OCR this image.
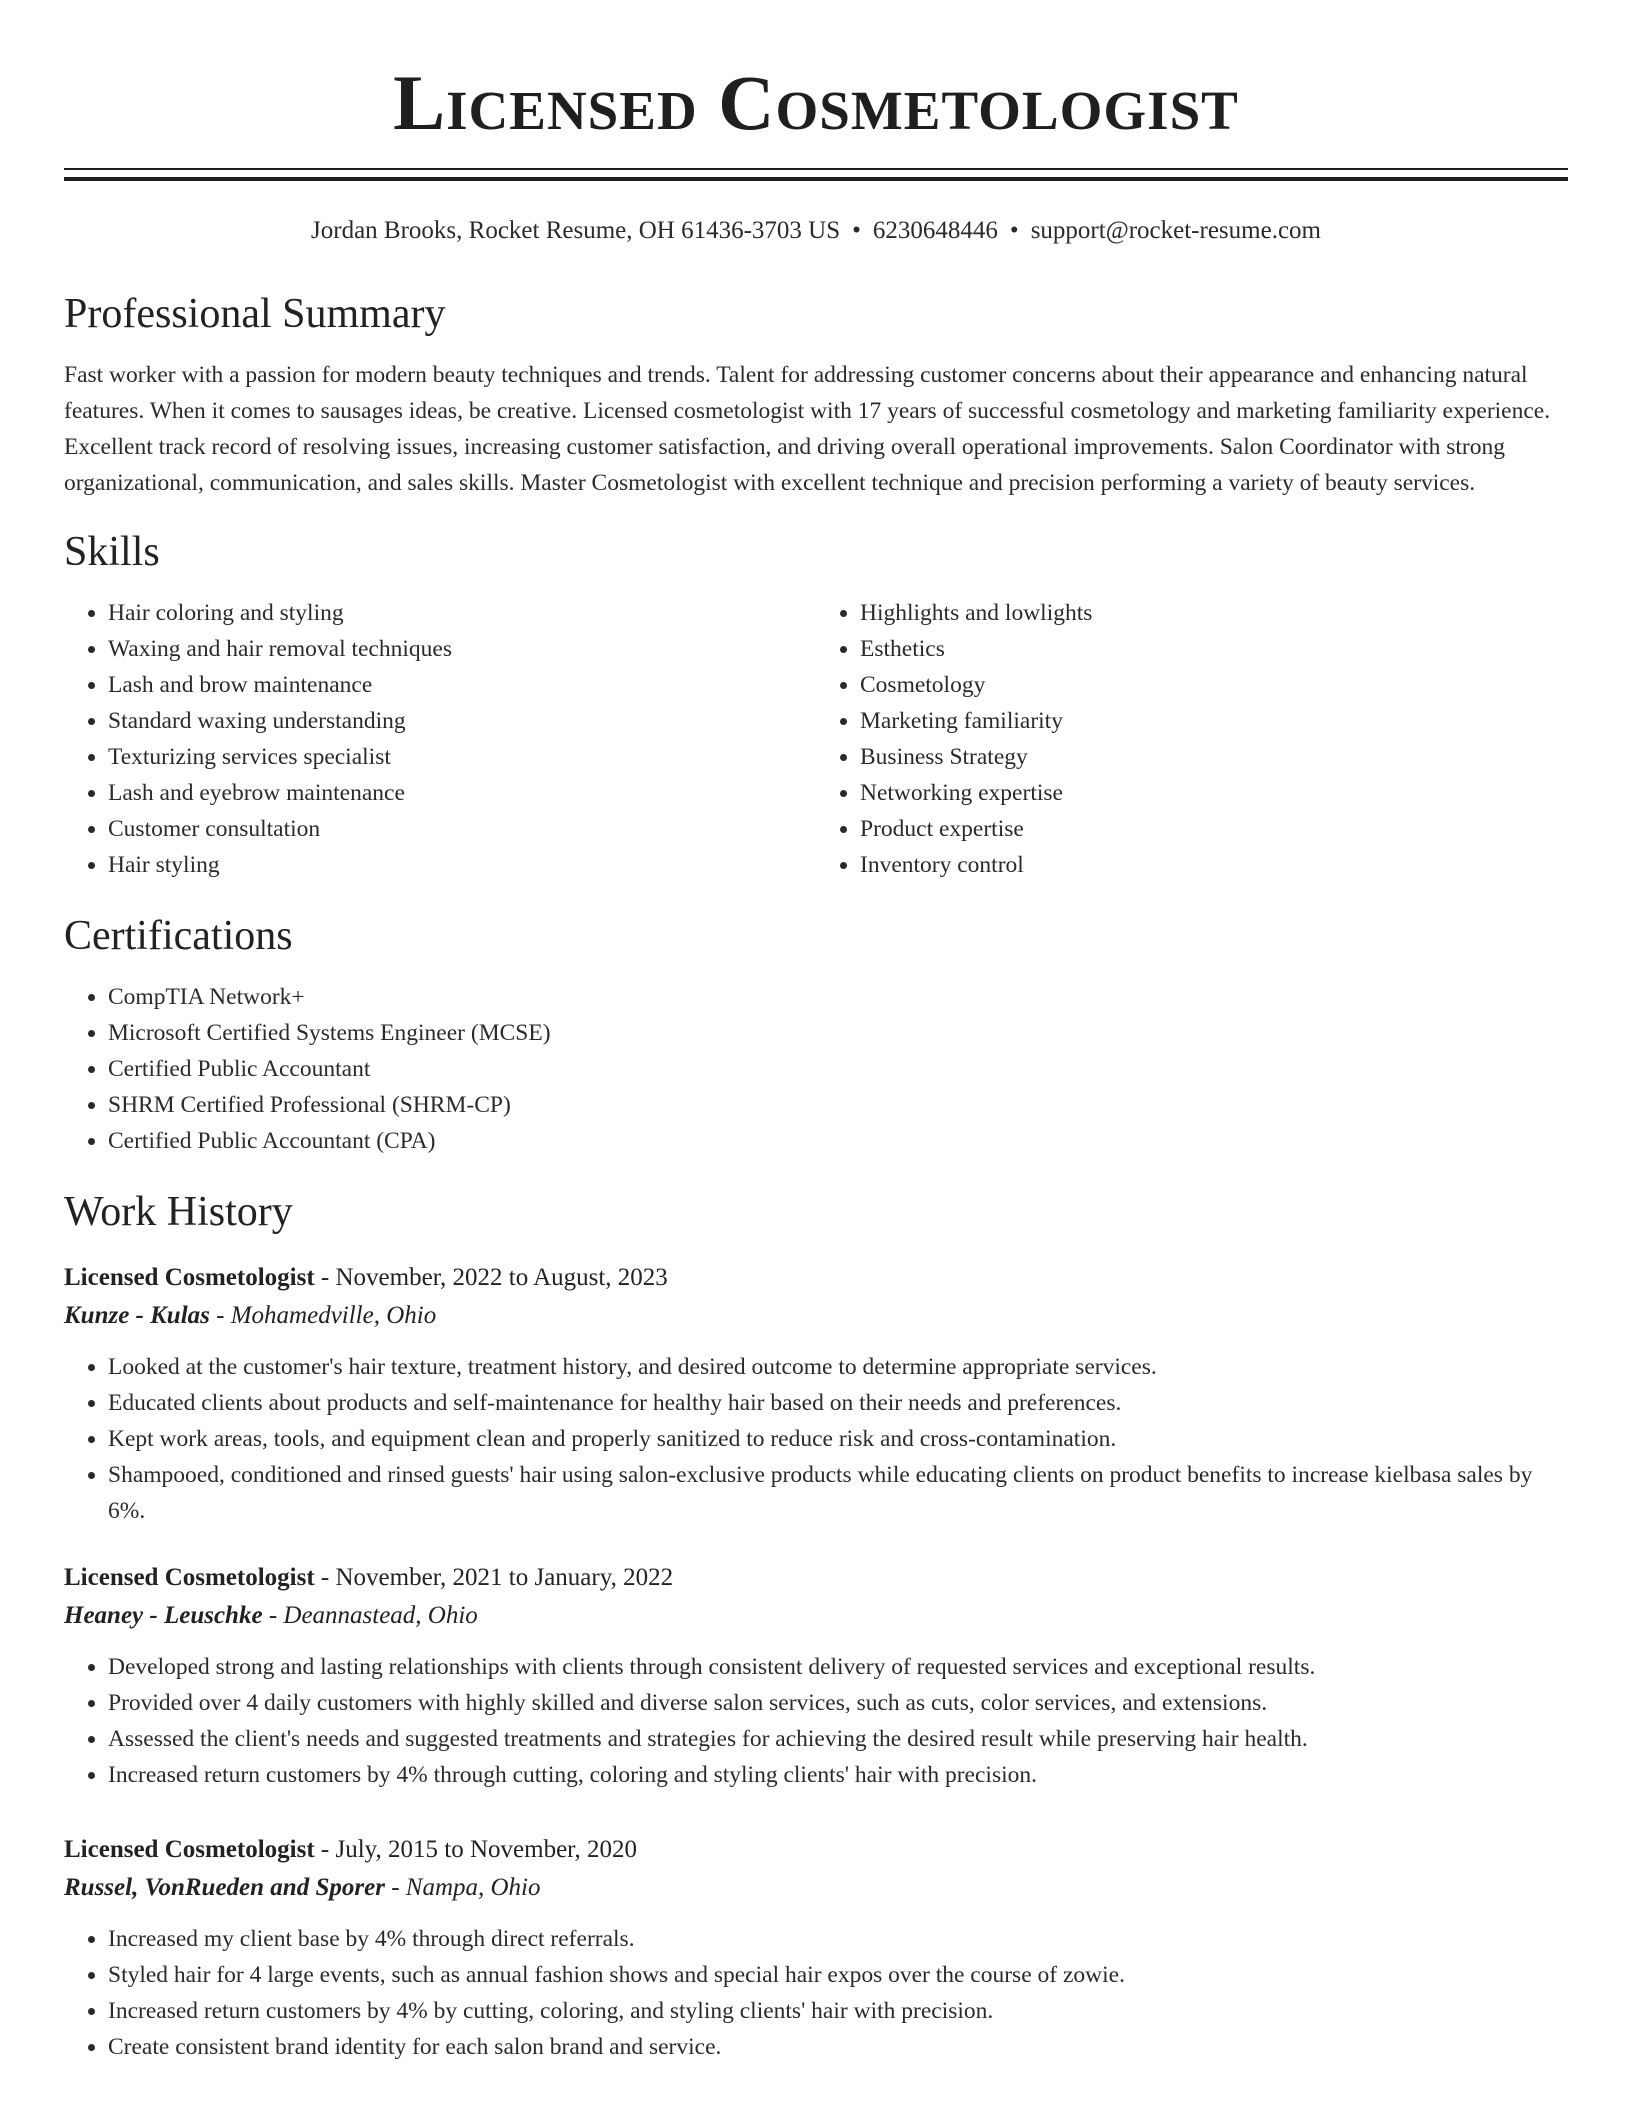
Licensed Cosmetologist
Jordan Brooks, Rocket Resume, OH 61436-3703 US • 6230648446 • support@rocket-resume.com
Professional Summary

Fast worker with a passion for modern beauty techniques and trends. Talent for addressing customer concerns about their appearance and enhancing natural features. When it comes to sausages ideas, be creative. Licensed cosmetologist with 17 years of successful cosmetology and marketing familiarity experience. Excellent track record of resolving issues, increasing customer satisfaction, and driving overall operational improvements. Salon Coordinator with strong organizational, communication, and sales skills. Master Cosmetologist with excellent technique and precision performing a variety of beauty services.

Skills
• Hair coloring and styling
• Waxing and hair removal techniques
• Lash and brow maintenance
• Standard waxing understanding
• Texturizing services specialist
• Lash and eyebrow maintenance
• Customer consultation
• Hair styling
• Highlights and lowlights
• Esthetics
• Cosmetology
• Marketing familiarity
• Business Strategy
• Networking expertise
• Product expertise
• Inventory control
Certifications
• CompTIA Network+
• Microsoft Certified Systems Engineer (MCSE)
• Certified Public Accountant
• SHRM Certified Professional (SHRM-CP)
• Certified Public Accountant (CPA)
Work History
Licensed Cosmetologist - November, 2022 to August, 2023
Kunze - Kulas - Mohamedville, Ohio
• Looked at the customer's hair texture, treatment history, and desired outcome to determine appropriate services.
• Educated clients about products and self-maintenance for healthy hair based on their needs and preferences.
• Kept work areas, tools, and equipment clean and properly sanitized to reduce risk and cross-contamination.
• Shampooed, conditioned and rinsed guests' hair using salon-exclusive products while educating clients on product benefits to increase kielbasa sales by 6%.
Licensed Cosmetologist - November, 2021 to January, 2022
Heaney - Leuschke - Deannastead, Ohio
• Developed strong and lasting relationships with clients through consistent delivery of requested services and exceptional results.
• Provided over 4 daily customers with highly skilled and diverse salon services, such as cuts, color services, and extensions.
• Assessed the client's needs and suggested treatments and strategies for achieving the desired result while preserving hair health.
• Increased return customers by 4% through cutting, coloring and styling clients' hair with precision.
Licensed Cosmetologist - July, 2015 to November, 2020
Russel, VonRueden and Sporer - Nampa, Ohio
• Increased my client base by 4% through direct referrals.
• Styled hair for 4 large events, such as annual fashion shows and special hair expos over the course of zowie.
• Increased return customers by 4% by cutting, coloring, and styling clients' hair with precision.
• Create consistent brand identity for each salon brand and service.
